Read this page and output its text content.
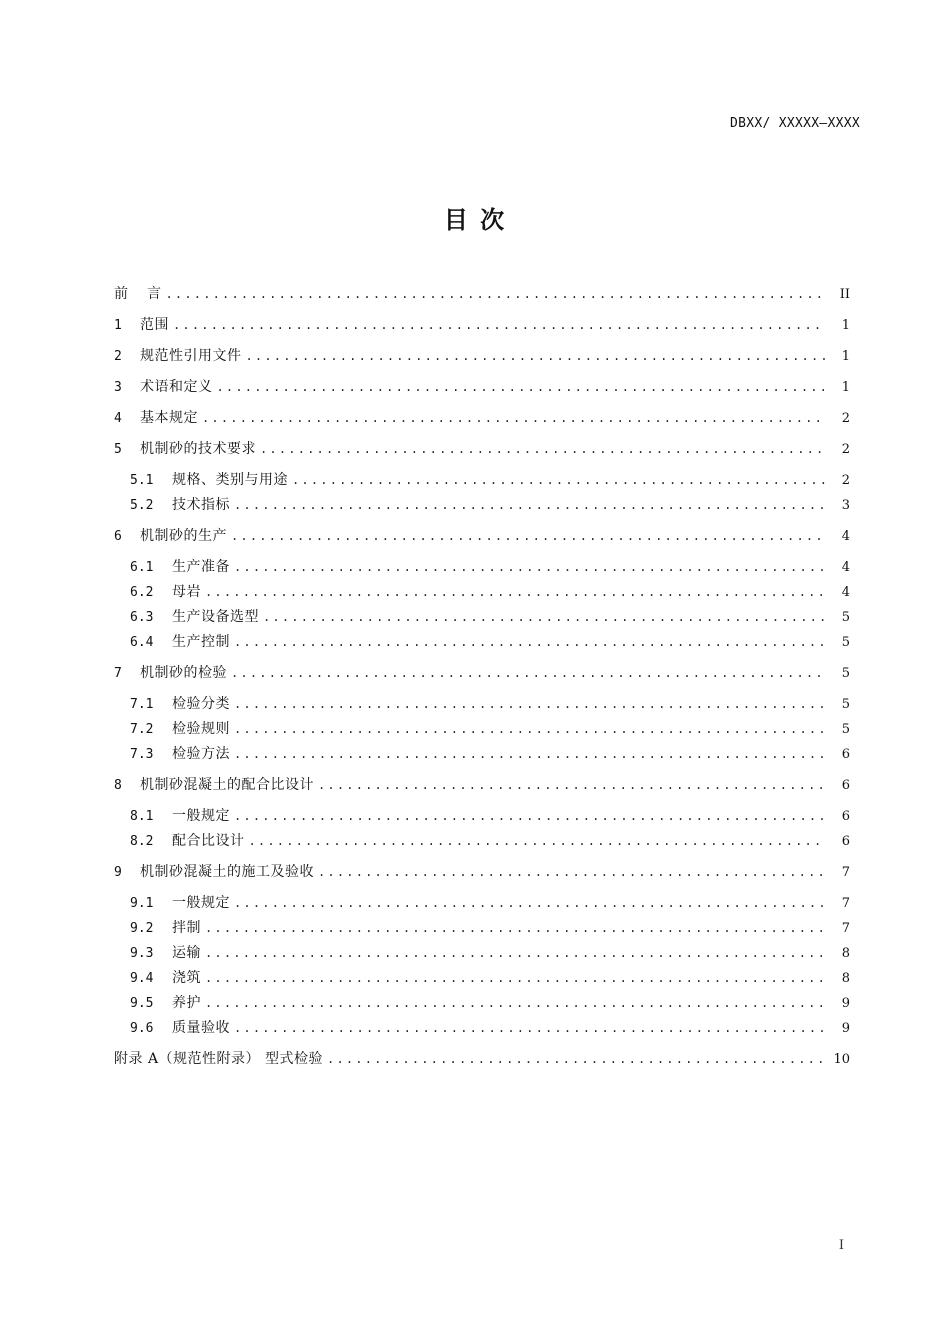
DBXX/ XXXXX—XXXX
目 次
前	言 .....	II
1	范围 .....	1
2	规范性引用文件 .....	1
3	术语和定义 .....	1
4	基本规定 .....	2
5	机制砂的技术要求 .....	2
5.1	规格、类别与用途 .....	2
5.2	技术指标 .....	3
6	机制砂的生产 .....	4
6.1	生产准备 .....	4
6.2	母岩 .....	4
6.3	生产设备选型 .....	5
6.4	生产控制 .....	5
7	机制砂的检验 .....	5
7.1	检验分类 .....	5
7.2	检验规则 .....	5
7.3	检验方法 .....	6
8	机制砂混凝土的配合比设计 .....	6
8.1	一般规定 .....	6
8.2	配合比设计 .....	6
9	机制砂混凝土的施工及验收 .....	7
9.1	一般规定 .....	7
9.2	拌制 .....	7
9.3	运输 .....	8
9.4	浇筑 .....	8
9.5	养护 .....	9
9.6	质量验收 .....	9
附录 A（规范性附录） 型式检验 .....	10
I
